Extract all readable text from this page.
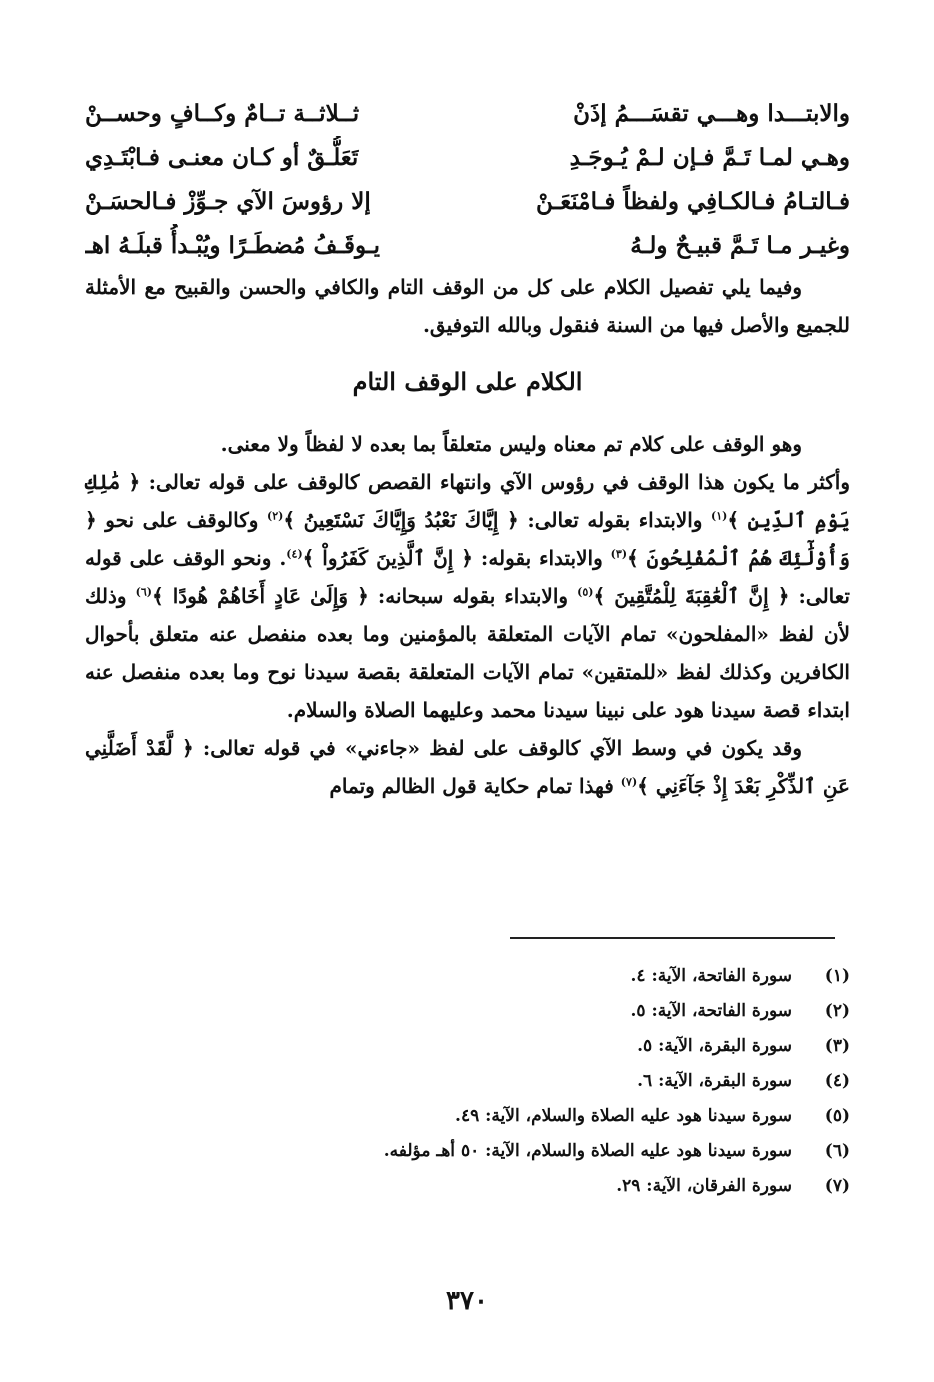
والابتـــدا وهـــي تقسَـــمُ إذَنْ
ثــلاثــة تــامٌ وكــافٍ وحســنْ
وهـي لمـا تَـمَّ فـإن لـمْ يُـوجَـدِ
تَعَلُّـقٌ أو كـان معنـى فـابْتَـدِي
فـالتـامُ فـالكـافِي ولفظاً فـامْنَعَـنْ
إلا رؤوسَ الآي جـوِّزْ فـالحسَـنْ
وغيـر مـا تَـمَّ قبيـحٌ ولـهُ
يـوقَـفُ مُضطَـرًا ويُبْـدأُ قبلَـهُ اهـ

وفيما يلي تفصيل الكلام على كل من الوقف التام والكافي والحسن والقبيح مع الأمثلة للجميع والأصل فيها من السنة فنقول وبالله التوفيق.

الكلام على الوقف التام

وهو الوقف على كلام تم معناه وليس متعلقاً بما بعده لا لفظاً ولا معنى.

وأكثر ما يكون هذا الوقف في رؤوس الآي وانتهاء القصص كالوقف على قوله تعالى: ﴿ مَٰلِكِ يَوْمِ ٱلدِّينِ ﴾$^{(١)}$ والابتداء بقوله تعالى: ﴿ إِيَّاكَ نَعْبُدُ وَإِيَّاكَ نَسْتَعِينُ ﴾$^{(٢)}$ وكالوقف على نحو ﴿ وَأُوْلَٰٓئِكَ هُمُ ٱلْمُفْلِحُونَ ﴾$^{(٣)}$ والابتداء بقوله: ﴿ إِنَّ ٱلَّذِينَ كَفَرُواْ ﴾$^{(٤)}$. ونحو الوقف على قوله تعالى: ﴿ إِنَّ ٱلْعَٰقِبَةَ لِلْمُتَّقِينَ ﴾$^{(٥)}$ والابتداء بقوله سبحانه: ﴿ وَإِلَىٰ عَادٍ أَخَاهُمْ هُودًا ﴾$^{(٦)}$ وذلك لأن لفظ «المفلحون» تمام الآيات المتعلقة بالمؤمنين وما بعده منفصل عنه متعلق بأحوال الكافرين وكذلك لفظ «للمتقين» تمام الآيات المتعلقة بقصة سيدنا نوح وما بعده منفصل عنه ابتداء قصة سيدنا هود على نبينا سيدنا محمد وعليهما الصلاة والسلام.

وقد يكون في وسط الآي كالوقف على لفظ «جاءني» في قوله تعالى: ﴿ لَّقَدْ أَضَلَّنِي عَنِ ٱلذِّكْرِ بَعْدَ إِذْ جَآءَنِي ﴾$^{(٧)}$ فهذا تمام حكاية قول الظالم وتمام

(١)
سورة الفاتحة، الآية: ٤.
(٢)
سورة الفاتحة، الآية: ٥.
(٣)
سورة البقرة، الآية: ٥.
(٤)
سورة البقرة، الآية: ٦.
(٥)
سورة سيدنا هود عليه الصلاة والسلام، الآية: ٤٩.
(٦)
سورة سيدنا هود عليه الصلاة والسلام، الآية: ٥٠ أهـ مؤلفه.
(٧)
سورة الفرقان، الآية: ٢٩.
٣٧٠
